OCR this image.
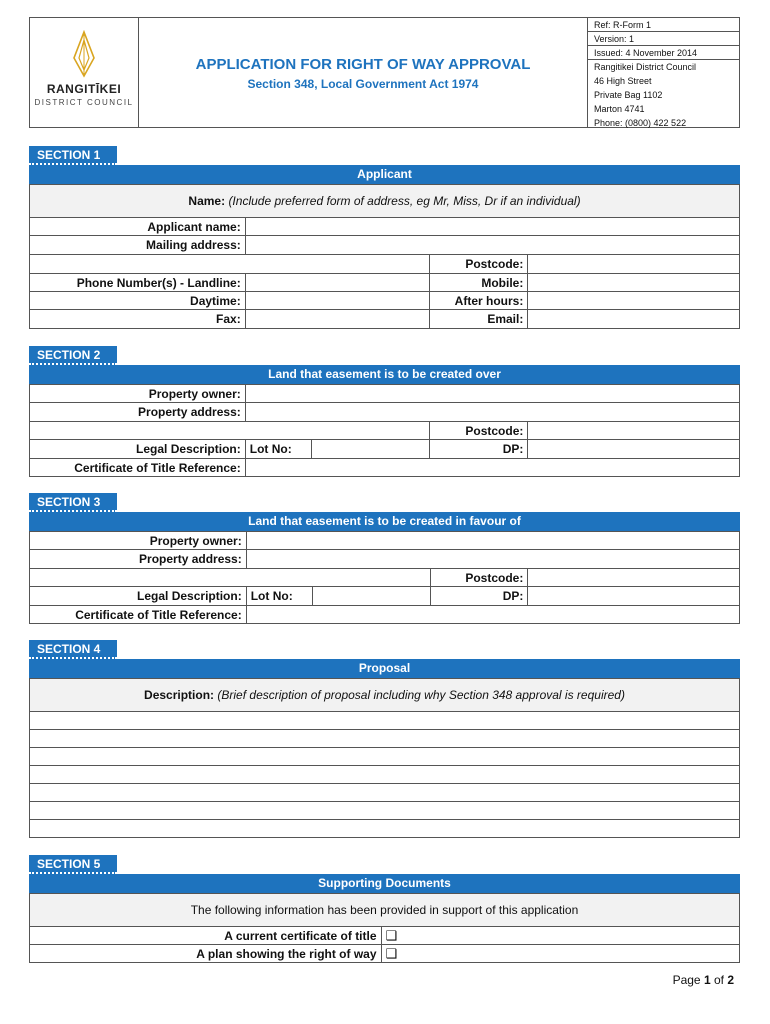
RANGITĪKEI
DISTRICT COUNCIL
APPLICATION FOR RIGHT OF WAY APPROVAL
Section 348, Local Government Act 1974
Ref: R-Form 1
Version: 1
Issued: 4 November 2014
Rangitikei District Council
46 High Street
Private Bag 1102
Marton 4741
Phone: (0800) 422 522
SECTION 1
Applicant
Name: (Include preferred form of address, eg Mr, Miss, Dr if an individual)			
Applicant name:			
Mailing address:			
		Postcode:	
Phone Number(s) - Landline:		Mobile:	
Daytime:		After hours:	
Fax:		Email:	
SECTION 2
Land that easement is to be created over
Property owner:				
Property address:				
			Postcode:	
Legal Description:	Lot No:		DP:	
Certificate of Title Reference:				
SECTION 3
Land that easement is to be created in favour of
Property owner:				
Property address:				
			Postcode:	
Legal Description:	Lot No:		DP:	
Certificate of Title Reference:				
SECTION 4
Proposal
Description: (Brief description of proposal including why Section 348 approval is required)

SECTION 5
Supporting Documents
The following information has been provided in support of this application	
A current certificate of title	❑
A plan showing the right of way	❑
Page 1 of 2
